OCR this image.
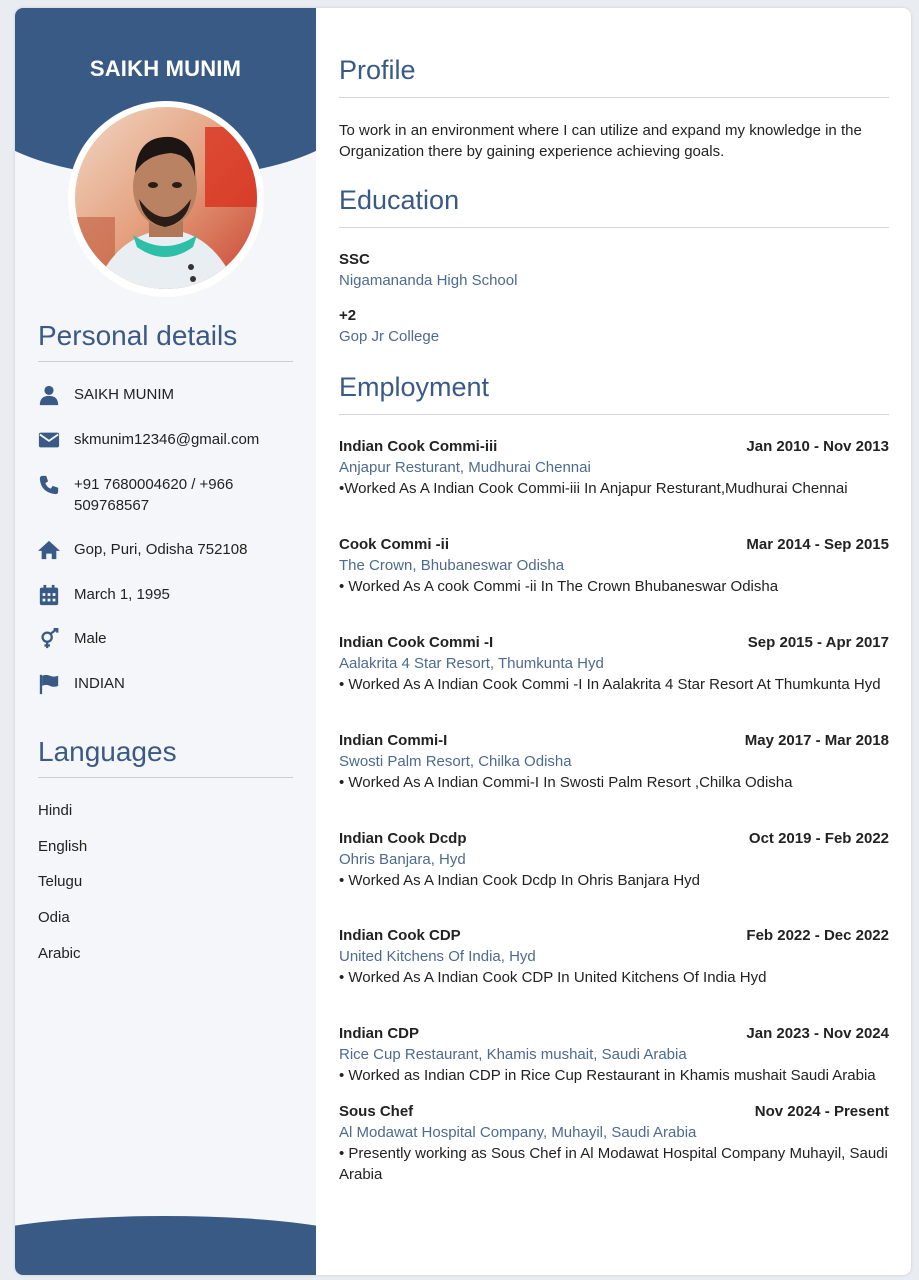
SAIKH MUNIM
Personal details
SAIKH MUNIM
skmunim12346@gmail.com
+91 7680004620 / +966 509768567
Gop, Puri, Odisha 752108
March 1, 1995
Male
INDIAN
Languages
Hindi
English
Telugu
Odia
Arabic
Profile
To work in an environment where I can utilize and expand my knowledge in the Organization there by gaining experience achieving goals.
Education
SSC
Nigamananda High School
+2
Gop Jr College
Employment
Indian Cook Commi-iii	Jan 2010 - Nov 2013
Anjapur Resturant, Mudhurai Chennai
•Worked As A Indian Cook Commi-iii In Anjapur Resturant,Mudhurai Chennai
Cook Commi -ii	Mar 2014 - Sep 2015
The Crown, Bhubaneswar Odisha
• Worked As A cook Commi -ii In The Crown Bhubaneswar Odisha
Indian Cook Commi -I	Sep 2015 - Apr 2017
Aalakrita 4 Star Resort, Thumkunta Hyd
• Worked As A Indian Cook Commi -I In Aalakrita 4 Star Resort At Thumkunta Hyd
Indian Commi-I	May 2017 - Mar 2018
Swosti Palm Resort, Chilka Odisha
• Worked As A Indian Commi-I In Swosti Palm Resort ,Chilka Odisha
Indian Cook Dcdp	Oct 2019 - Feb 2022
Ohris Banjara, Hyd
• Worked As A Indian Cook Dcdp In Ohris Banjara Hyd
Indian Cook CDP	Feb 2022 - Dec 2022
United Kitchens Of India, Hyd
• Worked As A Indian Cook CDP In United Kitchens Of India Hyd
Indian CDP	Jan 2023 - Nov 2024
Rice Cup Restaurant, Khamis mushait, Saudi Arabia
• Worked as Indian CDP in Rice Cup Restaurant in Khamis mushait Saudi Arabia
Sous Chef	Nov 2024 - Present
Al Modawat Hospital Company, Muhayil, Saudi Arabia
• Presently working as Sous Chef in Al Modawat Hospital Company Muhayil, Saudi Arabia
